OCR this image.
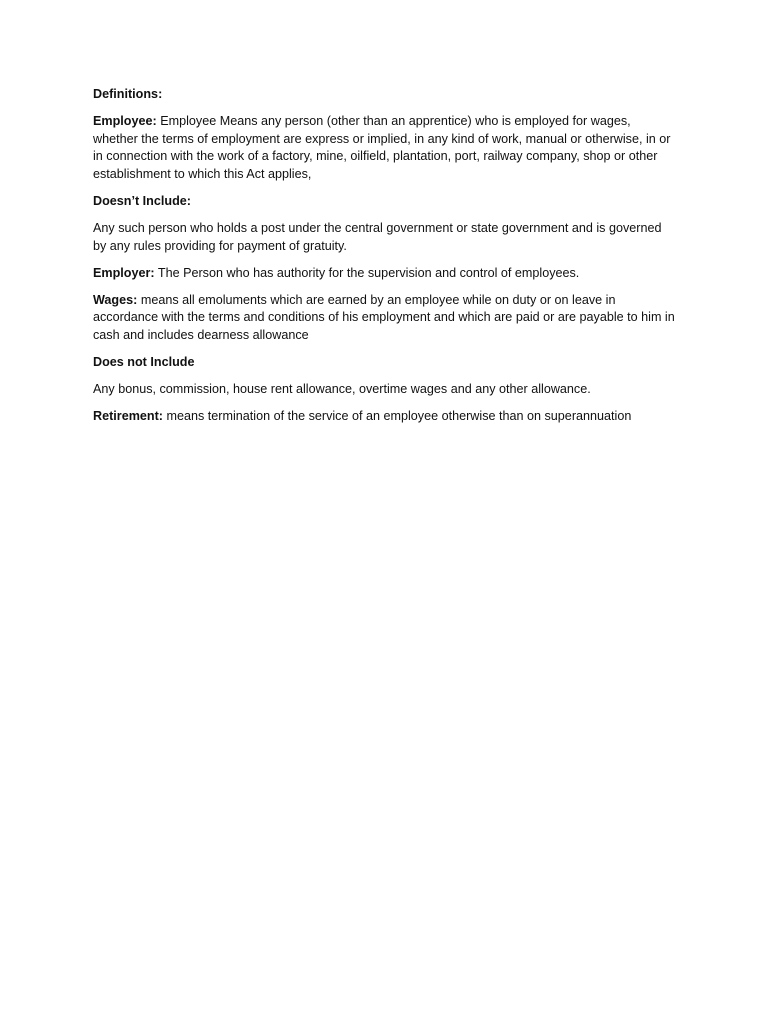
Definitions:

Employee: Employee Means any person (other than an apprentice) who is employed for wages, whether the terms of employment are express or implied, in any kind of work, manual or otherwise, in or in connection with the work of a factory, mine, oilfield, plantation, port, railway company, shop or other establishment to which this Act applies,

Doesn’t Include:

Any such person who holds a post under the central government or state government and is governed by any rules providing for payment of gratuity.

Employer: The Person who has authority for the supervision and control of employees.

Wages: means all emoluments which are earned by an employee while on duty or on leave in accordance with the terms and conditions of his employment and which are paid or are payable to him in cash and includes dearness allowance

Does not Include

Any bonus, commission, house rent allowance, overtime wages and any other allowance.

Retirement: means termination of the service of an employee otherwise than on superannuation
